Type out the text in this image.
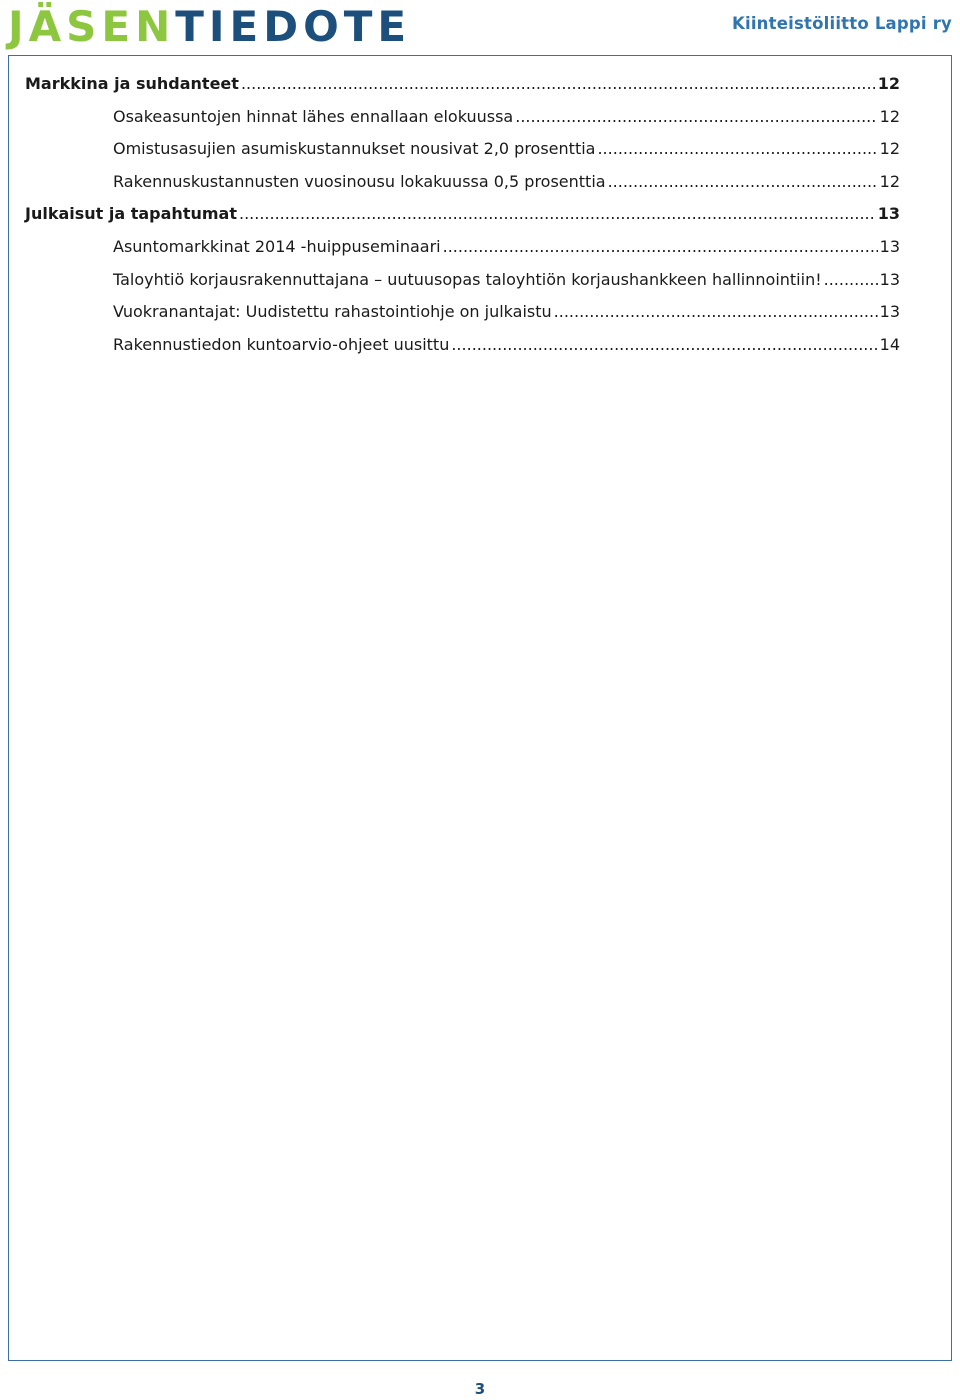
JÄSENTIEDOTE	Kiinteistöliitto Lappi ry
Markkina ja suhdanteet .....	12
Osakeasuntojen hinnat lähes ennallaan elokuussa .....	12
Omistusasujien asumiskustannukset nousivat 2,0 prosenttia .....	12
Rakennuskustannusten vuosinousu lokakuussa 0,5 prosenttia .....	12
Julkaisut ja tapahtumat .....	13
Asuntomarkkinat 2014 -huippuseminaari .....	13
Taloyhtiö korjausrakennuttajana – uutuusopas taloyhtiön korjaushankkeen hallinnointiin! .....	13
Vuokranantajat: Uudistettu rahastointiohje on julkaistu .....	13
Rakennustiedon kuntoarvio-ohjeet uusittu .....	14
3
